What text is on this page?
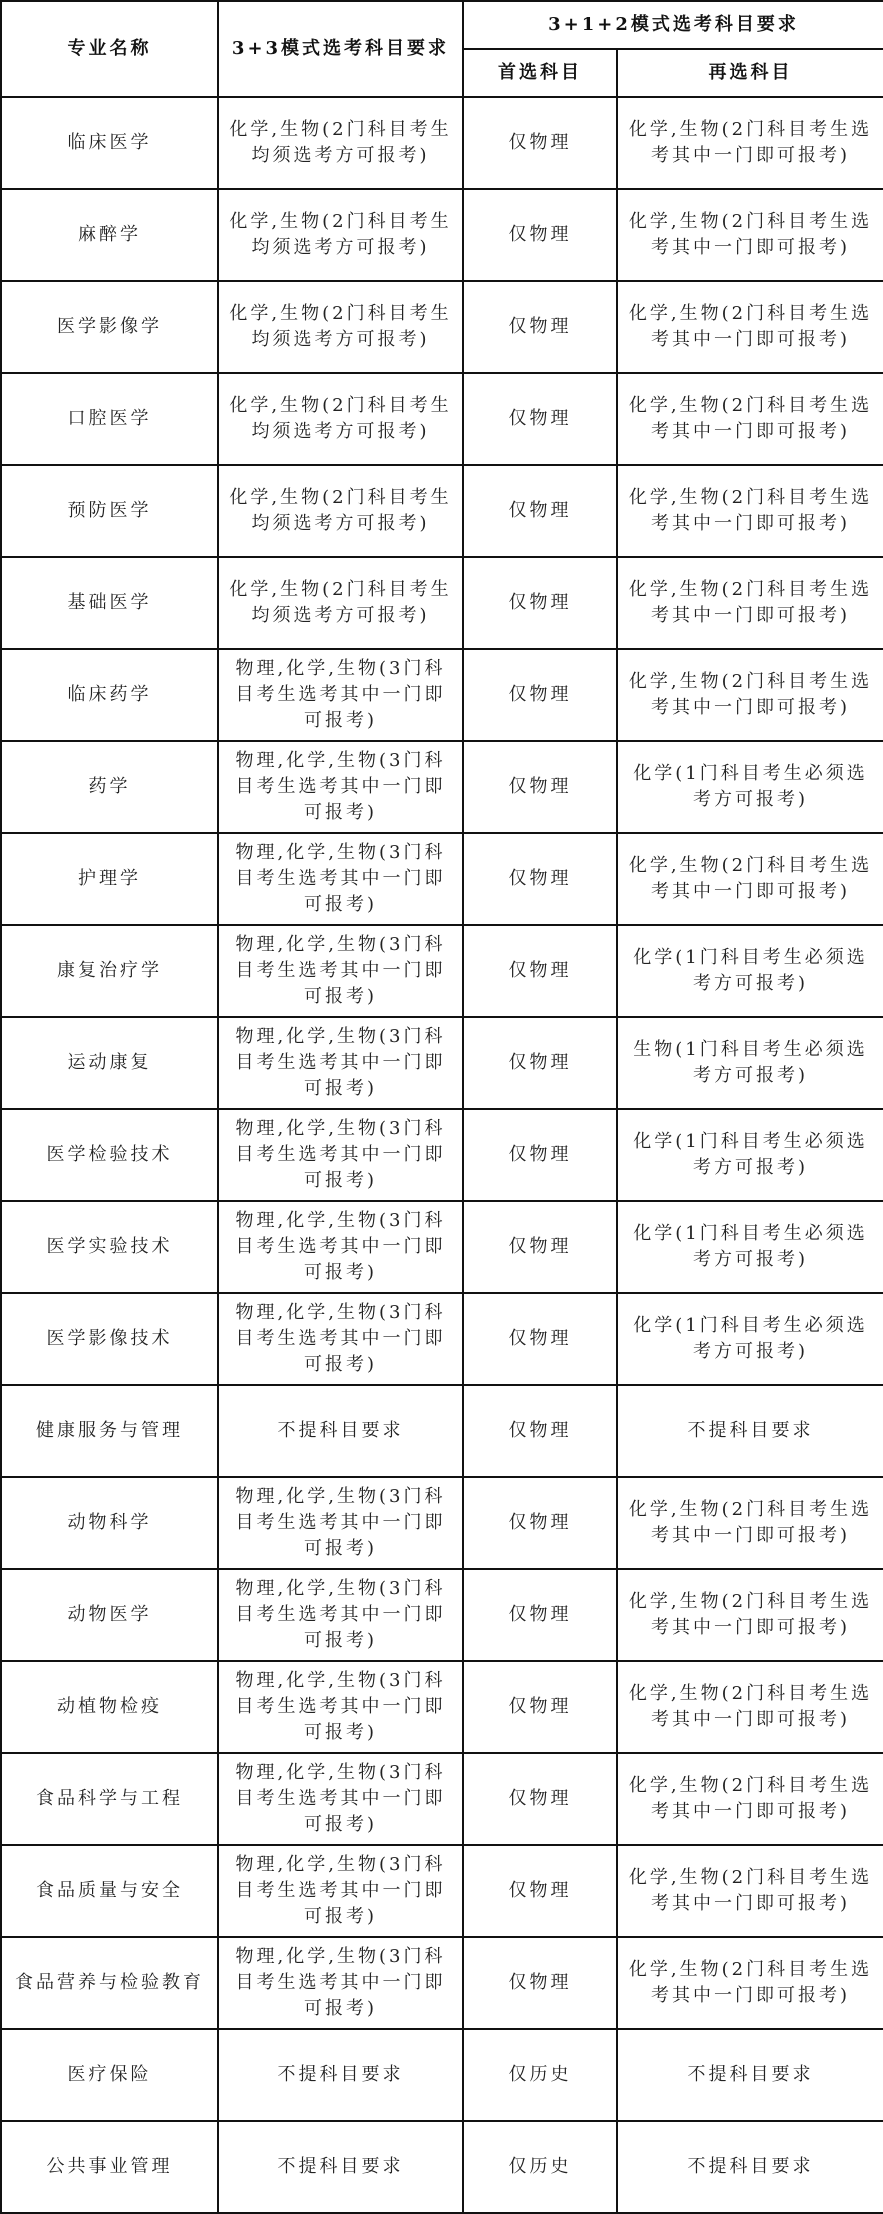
专业名称	3+3模式选考科目要求	3+1+2模式选考科目要求	
		首选科目	再选科目
临床医学	化学,生物(2门科目考生均须选考方可报考)	仅物理	化学,生物(2门科目考生选考其中一门即可报考)
麻醉学	化学,生物(2门科目考生均须选考方可报考)	仅物理	化学,生物(2门科目考生选考其中一门即可报考)
医学影像学	化学,生物(2门科目考生均须选考方可报考)	仅物理	化学,生物(2门科目考生选考其中一门即可报考)
口腔医学	化学,生物(2门科目考生均须选考方可报考)	仅物理	化学,生物(2门科目考生选考其中一门即可报考)
预防医学	化学,生物(2门科目考生均须选考方可报考)	仅物理	化学,生物(2门科目考生选考其中一门即可报考)
基础医学	化学,生物(2门科目考生均须选考方可报考)	仅物理	化学,生物(2门科目考生选考其中一门即可报考)
临床药学	物理,化学,生物(3门科目考生选考其中一门即可报考)	仅物理	化学,生物(2门科目考生选考其中一门即可报考)
药学	物理,化学,生物(3门科目考生选考其中一门即可报考)	仅物理	化学(1门科目考生必须选考方可报考)
护理学	物理,化学,生物(3门科目考生选考其中一门即可报考)	仅物理	化学,生物(2门科目考生选考其中一门即可报考)
康复治疗学	物理,化学,生物(3门科目考生选考其中一门即可报考)	仅物理	化学(1门科目考生必须选考方可报考)
运动康复	物理,化学,生物(3门科目考生选考其中一门即可报考)	仅物理	生物(1门科目考生必须选考方可报考)
医学检验技术	物理,化学,生物(3门科目考生选考其中一门即可报考)	仅物理	化学(1门科目考生必须选考方可报考)
医学实验技术	物理,化学,生物(3门科目考生选考其中一门即可报考)	仅物理	化学(1门科目考生必须选考方可报考)
医学影像技术	物理,化学,生物(3门科目考生选考其中一门即可报考)	仅物理	化学(1门科目考生必须选考方可报考)
健康服务与管理	不提科目要求	仅物理	不提科目要求
动物科学	物理,化学,生物(3门科目考生选考其中一门即可报考)	仅物理	化学,生物(2门科目考生选考其中一门即可报考)
动物医学	物理,化学,生物(3门科目考生选考其中一门即可报考)	仅物理	化学,生物(2门科目考生选考其中一门即可报考)
动植物检疫	物理,化学,生物(3门科目考生选考其中一门即可报考)	仅物理	化学,生物(2门科目考生选考其中一门即可报考)
食品科学与工程	物理,化学,生物(3门科目考生选考其中一门即可报考)	仅物理	化学,生物(2门科目考生选考其中一门即可报考)
食品质量与安全	物理,化学,生物(3门科目考生选考其中一门即可报考)	仅物理	化学,生物(2门科目考生选考其中一门即可报考)
食品营养与检验教育	物理,化学,生物(3门科目考生选考其中一门即可报考)	仅物理	化学,生物(2门科目考生选考其中一门即可报考)
医疗保险	不提科目要求	仅历史	不提科目要求
公共事业管理	不提科目要求	仅历史	不提科目要求
